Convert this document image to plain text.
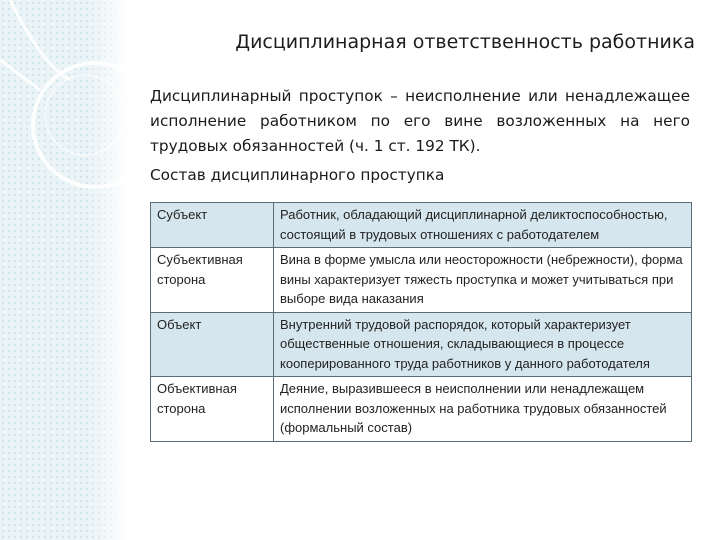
Дисциплинарная ответственность работника
Дисциплинарный проступок – неисполнение или ненадлежащее исполнение работником по его вине возложенных на него трудовых обязанностей (ч. 1 ст. 192 ТК).
Состав дисциплинарного проступка
Субъект	Работник, обладающий дисциплинарной деликтоспособностью, состоящий в трудовых отношениях с работодателем
Субъективная сторона	Вина в форме умысла или неосторожности (небрежности), форма вины характеризует тяжесть проступка и может учитываться при выборе вида наказания
Объект	Внутренний трудовой распорядок, который характеризует общественные отношения, складывающиеся в процессе кооперированного труда работников у данного работодателя
Объективная сторона	Деяние, выразившееся в неисполнении или ненадлежащем исполнении возложенных на работника трудовых обязанностей (формальный состав)
